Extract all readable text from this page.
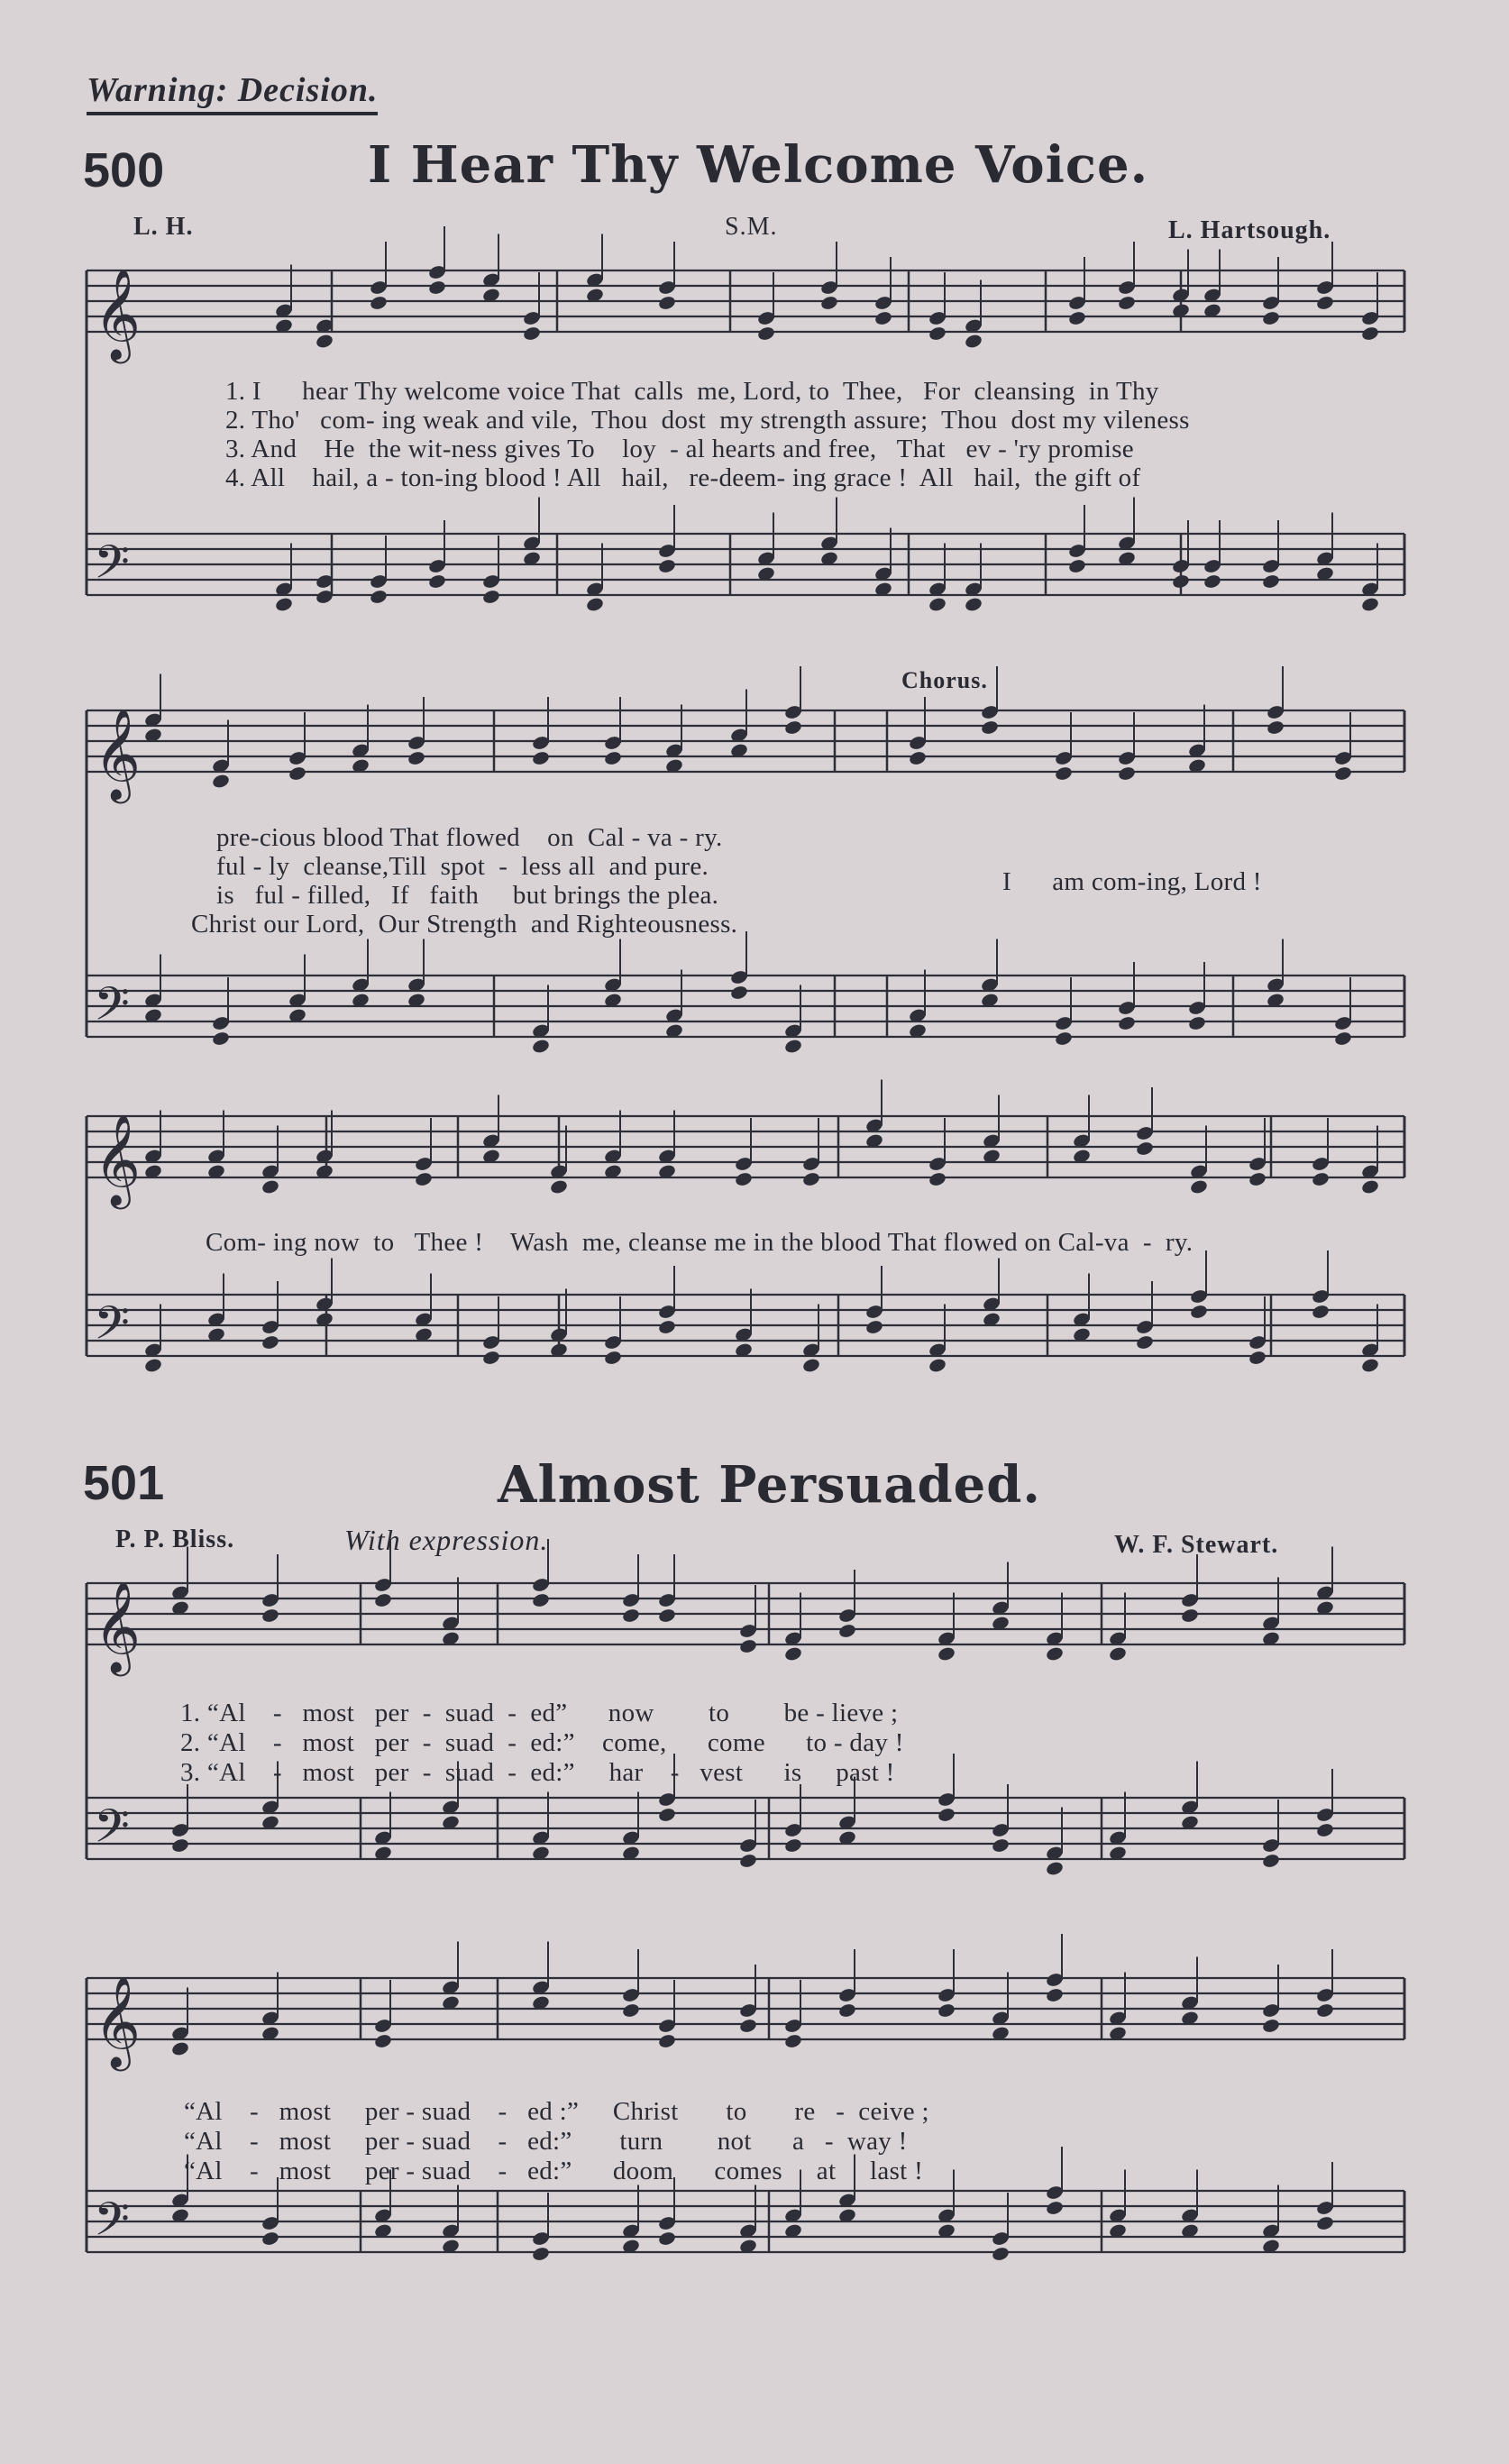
Warning: Decision.
500	I Hear Thy Welcome Voice.
L. H.	S.M.	L. Hartsough.
𝄞
𝄢
𝄞
𝄢
𝄞
𝄢
𝄞
𝄢
𝄞
𝄢
1. I      hear Thy welcome voice That  calls  me, Lord, to  Thee,   For  cleansing  in Thy
2. Tho'   com- ing weak and vile,  Thou  dost  my strength assure;  Thou  dost my vileness
3. And    He  the wit-ness gives To    loy  - al hearts and free,   That   ev - 'ry promise
4. All    hail, a - ton-ing blood ! All   hail,   re-deem- ing grace !  All   hail,  the gift of
Chorus.
pre-cious blood That flowed    on  Cal - va - ry.
ful - ly  cleanse,Till  spot  -  less all  and pure.
is   ful - filled,   If   faith     but brings the plea.
Christ our Lord,  Our Strength  and Righteousness.
I      am com-ing, Lord !
Com- ing now  to   Thee !    Wash  me, cleanse me in the blood That flowed on Cal-va  -  ry.
501	Almost Persuaded.
P. P. Bliss.	With expression.	W. F. Stewart.
1. “Al    -   most   per  -  suad  -  ed”      now        to        be - lieve ;
2. “Al    -   most   per  -  suad  -  ed:”    come,      come      to - day !
3. “Al    -   most   per  -  suad  -  ed:”     har    -   vest      is     past !
“Al    -   most     per - suad    -   ed :”     Christ       to       re   -  ceive ;
“Al    -   most     per - suad    -   ed:”       turn        not      a   -  way !
“Al    -   most     per - suad    -   ed:”      doom      comes     at     last !
